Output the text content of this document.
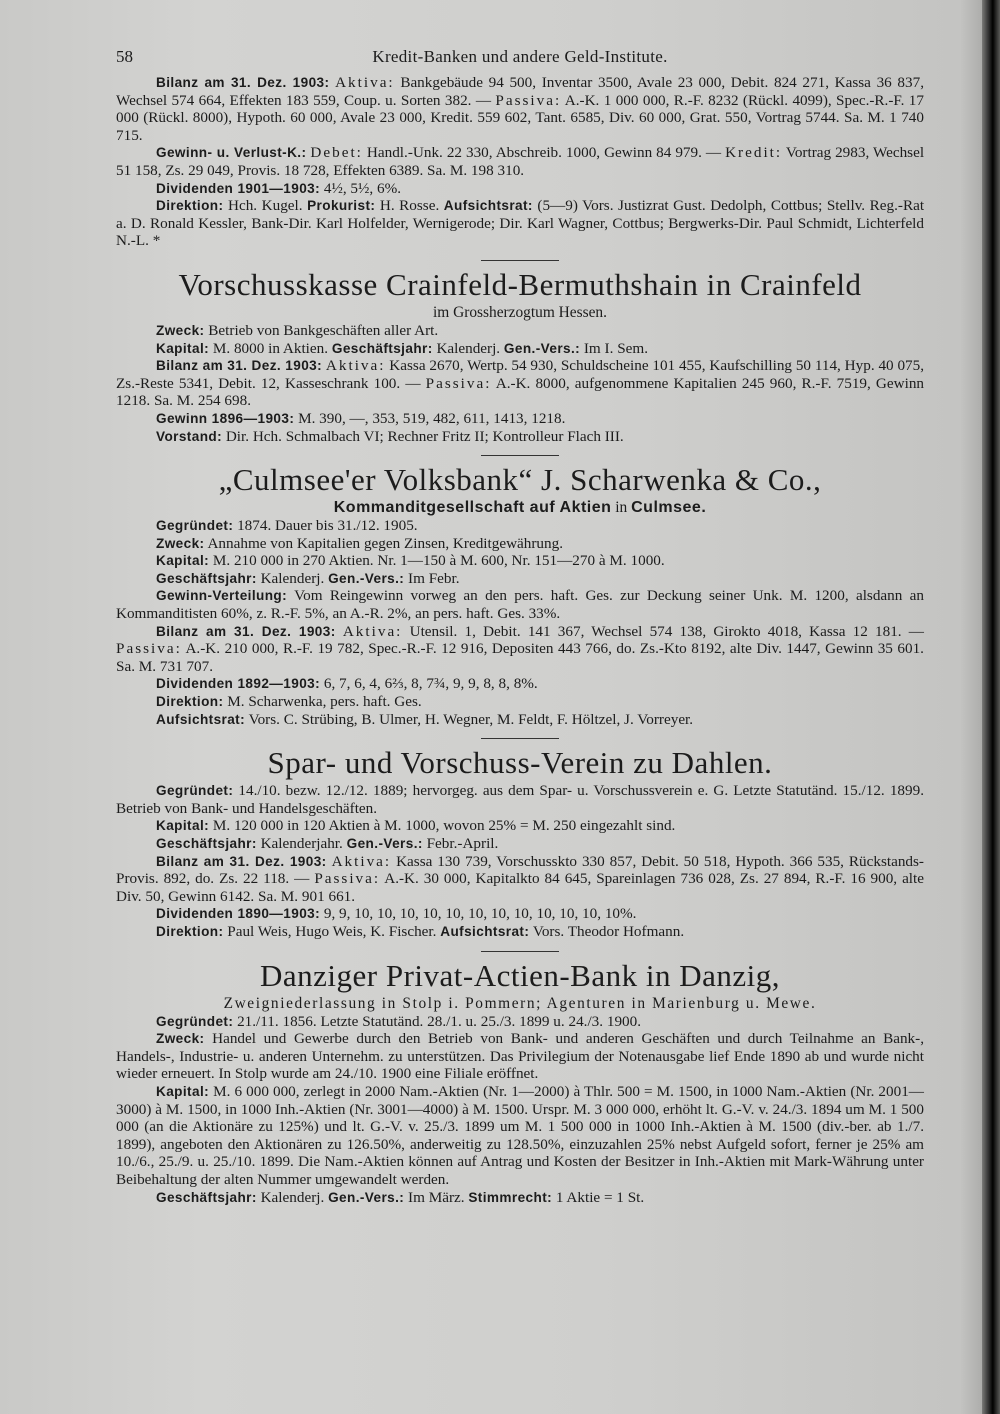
58	Kredit-Banken und andere Geld-Institute.

Bilanz am 31. Dez. 1903: Aktiva: Bankgebäude 94 500, Inventar 3500, Avale 23 000, Debit. 824 271, Kassa 36 837, Wechsel 574 664, Effekten 183 559, Coup. u. Sorten 382. — Passiva: A.-K. 1 000 000, R.-F. 8232 (Rückl. 4099), Spec.-R.-F. 17 000 (Rückl. 8000), Hypoth. 60 000, Avale 23 000, Kredit. 559 602, Tant. 6585, Div. 60 000, Grat. 550, Vortrag 5744. Sa. M. 1 740 715.

Gewinn- u. Verlust-K.: Debet: Handl.-Unk. 22 330, Abschreib. 1000, Gewinn 84 979. — Kredit: Vortrag 2983, Wechsel 51 158, Zs. 29 049, Provis. 18 728, Effekten 6389. Sa. M. 198 310.

Dividenden 1901—1903: 4½, 5½, 6%.

Direktion: Hch. Kugel. Prokurist: H. Rosse. Aufsichtsrat: (5—9) Vors. Justizrat Gust. Dedolph, Cottbus; Stellv. Reg.-Rat a. D. Ronald Kessler, Bank-Dir. Karl Holfelder, Wernigerode; Dir. Karl Wagner, Cottbus; Bergwerks-Dir. Paul Schmidt, Lichterfeld N.-L. *

Vorschusskasse Crainfeld-Bermuthshain in Crainfeld
im Grossherzogtum Hessen.

Zweck: Betrieb von Bankgeschäften aller Art.

Kapital: M. 8000 in Aktien. Geschäftsjahr: Kalenderj. Gen.-Vers.: Im I. Sem.

Bilanz am 31. Dez. 1903: Aktiva: Kassa 2670, Wertp. 54 930, Schuldscheine 101 455, Kaufschilling 50 114, Hyp. 40 075, Zs.-Reste 5341, Debit. 12, Kasseschrank 100. — Passiva: A.-K. 8000, aufgenommene Kapitalien 245 960, R.-F. 7519, Gewinn 1218. Sa. M. 254 698.

Gewinn 1896—1903: M. 390, —, 353, 519, 482, 611, 1413, 1218.

Vorstand: Dir. Hch. Schmalbach VI; Rechner Fritz II; Kontrolleur Flach III.

„Culmsee'er Volksbank“ J. Scharwenka & Co.,
Kommanditgesellschaft auf Aktien in Culmsee.

Gegründet: 1874. Dauer bis 31./12. 1905.

Zweck: Annahme von Kapitalien gegen Zinsen, Kreditgewährung.

Kapital: M. 210 000 in 270 Aktien. Nr. 1—150 à M. 600, Nr. 151—270 à M. 1000.

Geschäftsjahr: Kalenderj. Gen.-Vers.: Im Febr.

Gewinn-Verteilung: Vom Reingewinn vorweg an den pers. haft. Ges. zur Deckung seiner Unk. M. 1200, alsdann an Kommanditisten 60%, z. R.-F. 5%, an A.-R. 2%, an pers. haft. Ges. 33%.

Bilanz am 31. Dez. 1903: Aktiva: Utensil. 1, Debit. 141 367, Wechsel 574 138, Girokto 4018, Kassa 12 181. — Passiva: A.-K. 210 000, R.-F. 19 782, Spec.-R.-F. 12 916, Depositen 443 766, do. Zs.-Kto 8192, alte Div. 1447, Gewinn 35 601. Sa. M. 731 707.

Dividenden 1892—1903: 6, 7, 6, 4, 6⅔, 8, 7¾, 9, 9, 8, 8, 8%.

Direktion: M. Scharwenka, pers. haft. Ges.

Aufsichtsrat: Vors. C. Strübing, B. Ulmer, H. Wegner, M. Feldt, F. Höltzel, J. Vorreyer.

Spar- und Vorschuss-Verein zu Dahlen.

Gegründet: 14./10. bezw. 12./12. 1889; hervorgeg. aus dem Spar- u. Vorschussverein e. G. Letzte Statutänd. 15./12. 1899. Betrieb von Bank- und Handelsgeschäften.

Kapital: M. 120 000 in 120 Aktien à M. 1000, wovon 25% = M. 250 eingezahlt sind.

Geschäftsjahr: Kalenderjahr. Gen.-Vers.: Febr.-April.

Bilanz am 31. Dez. 1903: Aktiva: Kassa 130 739, Vorschusskto 330 857, Debit. 50 518, Hypoth. 366 535, Rückstands-Provis. 892, do. Zs. 22 118. — Passiva: A.-K. 30 000, Kapitalkto 84 645, Spareinlagen 736 028, Zs. 27 894, R.-F. 16 900, alte Div. 50, Gewinn 6142. Sa. M. 901 661.

Dividenden 1890—1903: 9, 9, 10, 10, 10, 10, 10, 10, 10, 10, 10, 10, 10, 10%.

Direktion: Paul Weis, Hugo Weis, K. Fischer. Aufsichtsrat: Vors. Theodor Hofmann.

Danziger Privat-Actien-Bank in Danzig,
Zweigniederlassung in Stolp i. Pommern; Agenturen in Marienburg u. Mewe.

Gegründet: 21./11. 1856. Letzte Statutänd. 28./1. u. 25./3. 1899 u. 24./3. 1900.

Zweck: Handel und Gewerbe durch den Betrieb von Bank- und anderen Geschäften und durch Teilnahme an Bank-, Handels-, Industrie- u. anderen Unternehm. zu unterstützen. Das Privilegium der Notenausgabe lief Ende 1890 ab und wurde nicht wieder erneuert. In Stolp wurde am 24./10. 1900 eine Filiale eröffnet.

Kapital: M. 6 000 000, zerlegt in 2000 Nam.-Aktien (Nr. 1—2000) à Thlr. 500 = M. 1500, in 1000 Nam.-Aktien (Nr. 2001—3000) à M. 1500, in 1000 Inh.-Aktien (Nr. 3001—4000) à M. 1500. Urspr. M. 3 000 000, erhöht lt. G.-V. v. 24./3. 1894 um M. 1 500 000 (an die Aktionäre zu 125%) und lt. G.-V. v. 25./3. 1899 um M. 1 500 000 in 1000 Inh.-Aktien à M. 1500 (div.-ber. ab 1./7. 1899), angeboten den Aktionären zu 126.50%, anderweitig zu 128.50%, einzuzahlen 25% nebst Aufgeld sofort, ferner je 25% am 10./6., 25./9. u. 25./10. 1899. Die Nam.-Aktien können auf Antrag und Kosten der Besitzer in Inh.-Aktien mit Mark-Währung unter Beibehaltung der alten Nummer umgewandelt werden.

Geschäftsjahr: Kalenderj. Gen.-Vers.: Im März. Stimmrecht: 1 Aktie = 1 St.
